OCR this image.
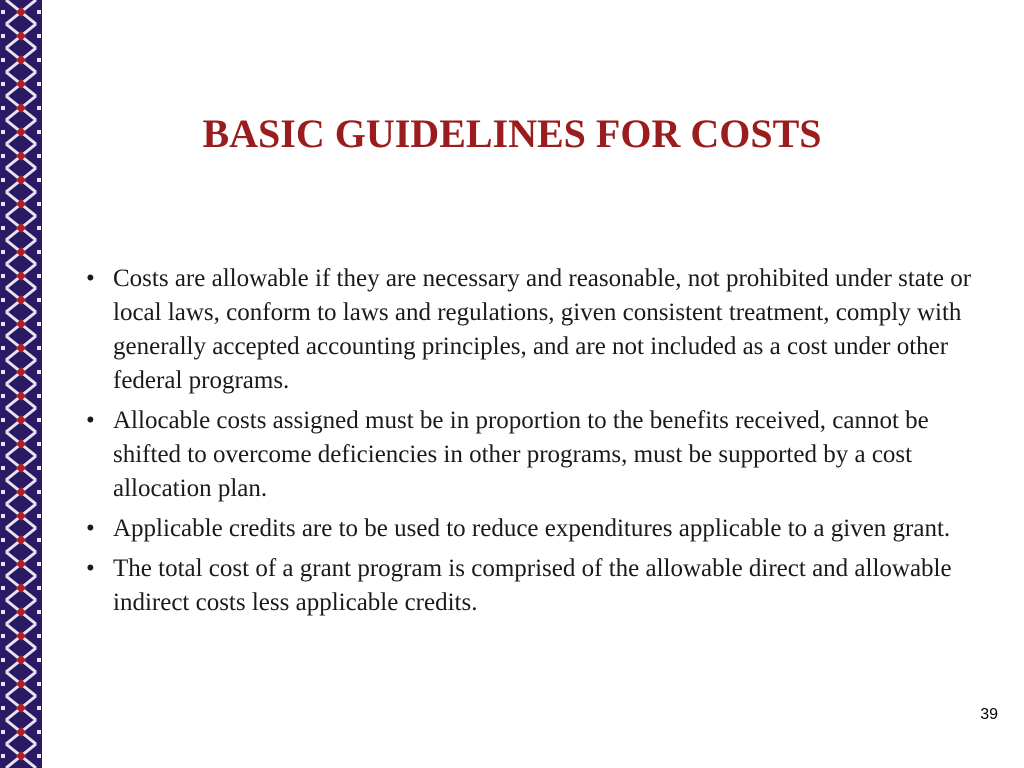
BASIC GUIDELINES FOR COSTS
• Costs are allowable if they are necessary and reasonable, not prohibited under state or local laws, conform to laws and regulations, given consistent treatment, comply with generally accepted accounting principles, and are not included as a cost under other federal programs.
• Allocable costs assigned must be in proportion to the benefits received, cannot be shifted to overcome deficiencies in other programs, must be supported by a cost allocation plan.
• Applicable credits are to be used to reduce expenditures applicable to a given grant.
• The total cost of a grant program is comprised of the allowable direct and allowable indirect costs less applicable credits.
39
